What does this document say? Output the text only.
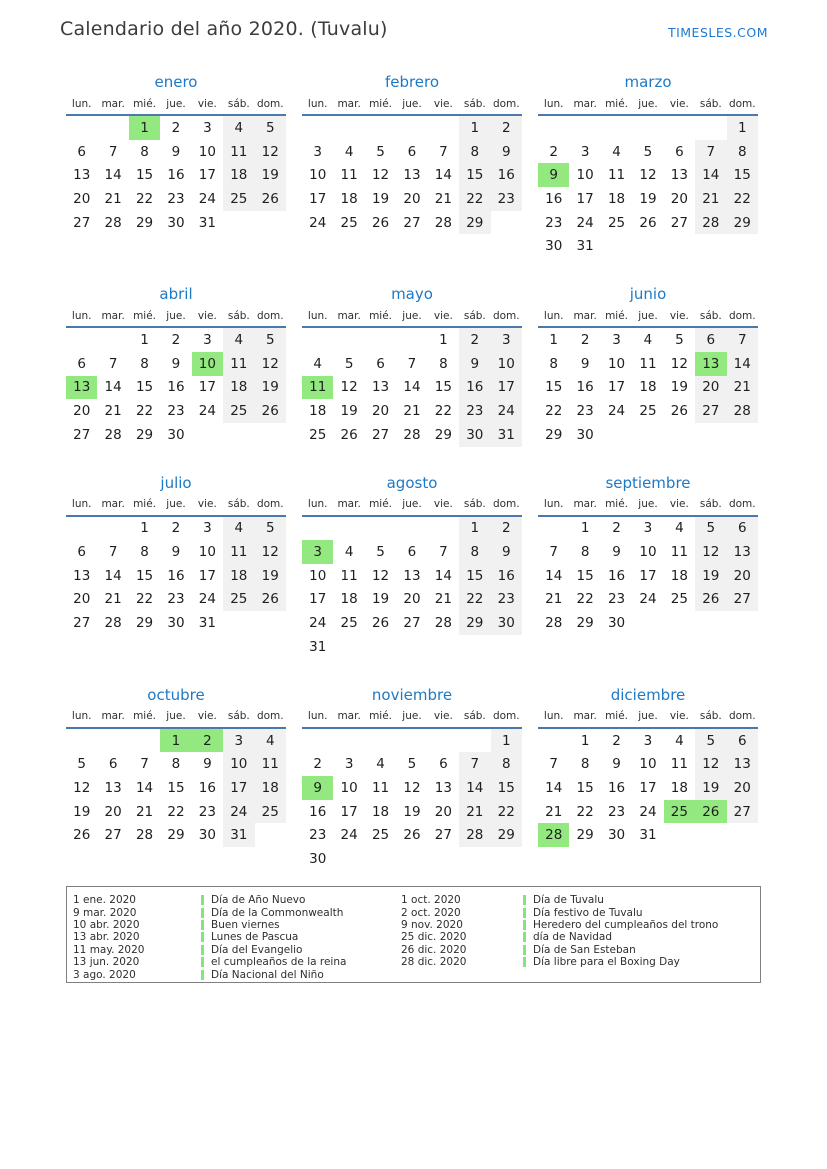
Calendario del año 2020. (Tuvalu)	TIMESLES.COM
enero
lun.	mar.	mié.	jue.	vie.	sáb.	dom.
		1	2	3	4	5
6	7	8	9	10	11	12
13	14	15	16	17	18	19
20	21	22	23	24	25	26
27	28	29	30	31		
febrero
lun.	mar.	mié.	jue.	vie.	sáb.	dom.
					1	2
3	4	5	6	7	8	9
10	11	12	13	14	15	16
17	18	19	20	21	22	23
24	25	26	27	28	29	
marzo
lun.	mar.	mié.	jue.	vie.	sáb.	dom.
						1
2	3	4	5	6	7	8
9	10	11	12	13	14	15
16	17	18	19	20	21	22
23	24	25	26	27	28	29
30	31					
abril
lun.	mar.	mié.	jue.	vie.	sáb.	dom.
		1	2	3	4	5
6	7	8	9	10	11	12
13	14	15	16	17	18	19
20	21	22	23	24	25	26
27	28	29	30			
mayo
lun.	mar.	mié.	jue.	vie.	sáb.	dom.
				1	2	3
4	5	6	7	8	9	10
11	12	13	14	15	16	17
18	19	20	21	22	23	24
25	26	27	28	29	30	31
junio
lun.	mar.	mié.	jue.	vie.	sáb.	dom.
1	2	3	4	5	6	7
8	9	10	11	12	13	14
15	16	17	18	19	20	21
22	23	24	25	26	27	28
29	30					
julio
lun.	mar.	mié.	jue.	vie.	sáb.	dom.
		1	2	3	4	5
6	7	8	9	10	11	12
13	14	15	16	17	18	19
20	21	22	23	24	25	26
27	28	29	30	31		
agosto
lun.	mar.	mié.	jue.	vie.	sáb.	dom.
					1	2
3	4	5	6	7	8	9
10	11	12	13	14	15	16
17	18	19	20	21	22	23
24	25	26	27	28	29	30
31						
septiembre
lun.	mar.	mié.	jue.	vie.	sáb.	dom.
	1	2	3	4	5	6
7	8	9	10	11	12	13
14	15	16	17	18	19	20
21	22	23	24	25	26	27
28	29	30				
octubre
lun.	mar.	mié.	jue.	vie.	sáb.	dom.
			1	2	3	4
5	6	7	8	9	10	11
12	13	14	15	16	17	18
19	20	21	22	23	24	25
26	27	28	29	30	31	
noviembre
lun.	mar.	mié.	jue.	vie.	sáb.	dom.
						1
2	3	4	5	6	7	8
9	10	11	12	13	14	15
16	17	18	19	20	21	22
23	24	25	26	27	28	29
30						
diciembre
lun.	mar.	mié.	jue.	vie.	sáb.	dom.
	1	2	3	4	5	6
7	8	9	10	11	12	13
14	15	16	17	18	19	20
21	22	23	24	25	26	27
28	29	30	31			
1 ene. 2020	Día de Año Nuevo
9 mar. 2020	Día de la Commonwealth
10 abr. 2020	Buen viernes
13 abr. 2020	Lunes de Pascua
11 may. 2020	Día del Evangelio
13 jun. 2020	el cumpleaños de la reina
3 ago. 2020	Día Nacional del Niño
1 oct. 2020	Día de Tuvalu
2 oct. 2020	Día festivo de Tuvalu
9 nov. 2020	Heredero del cumpleaños del trono
25 dic. 2020	día de Navidad
26 dic. 2020	Día de San Esteban
28 dic. 2020	Día libre para el Boxing Day
